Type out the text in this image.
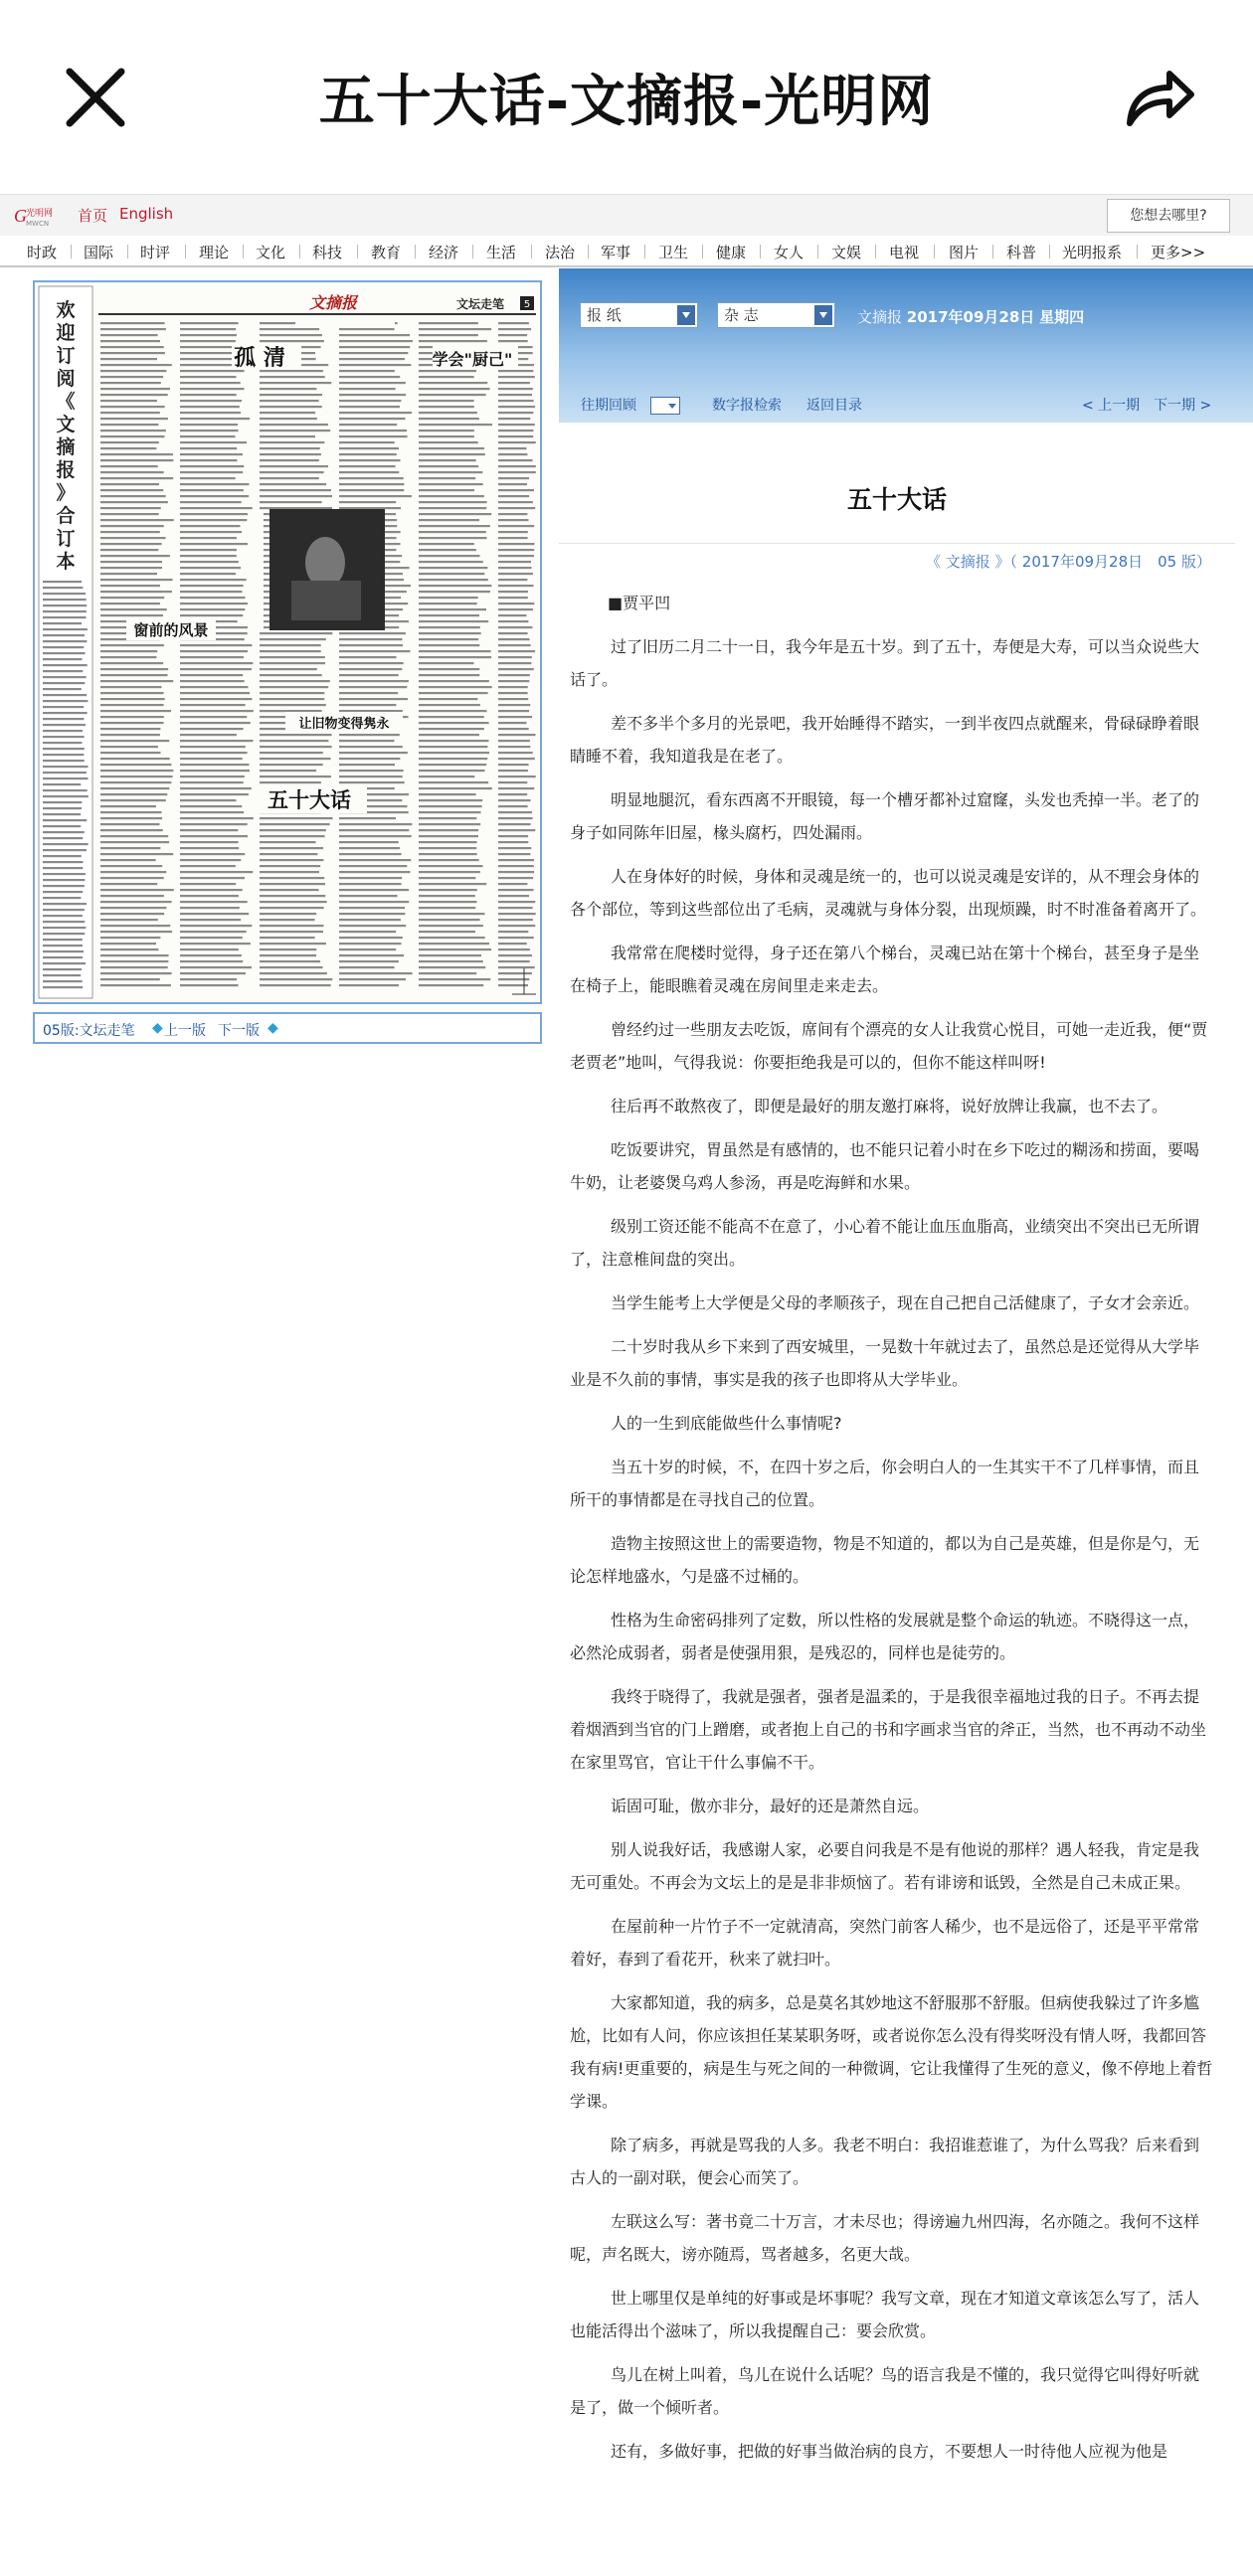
五十大话-文摘报-光明网
G 光明网
MWCN 首页 English	您想去哪里?
时政 国际 时评 理论 文化 科技 教育 经济 生活 法治 军事 卫生 健康 女人 文娱 电视 图片 科普 光明报系 更多>>
欢迎订阅《文摘报》合订本
文摘报	文坛走笔 5
孤 清	学会"厨己"
窗前的风景
让旧物变得隽永
五十大话
05版:文坛走笔 ◆ 上一版 下一版 ◆
报 纸	杂 志	文摘报 2017年09月28日 星期四
往期回顾	数字报检索 返回目录	< 上一期 下一期 >
五十大话
《 文摘报 》（ 2017年09月28日　05 版）
■贾平凹

过了旧历二月二十一日，我今年是五十岁。到了五十，寿便是大寿，可以当众说些大话了。

差不多半个多月的光景吧，我开始睡得不踏实，一到半夜四点就醒来，骨碌碌睁着眼睛睡不着，我知道我是在老了。

明显地腿沉，看东西离不开眼镜，每一个槽牙都补过窟窿，头发也秃掉一半。老了的身子如同陈年旧屋，椽头腐朽，四处漏雨。

人在身体好的时候，身体和灵魂是统一的，也可以说灵魂是安详的，从不理会身体的各个部位，等到这些部位出了毛病，灵魂就与身体分裂，出现烦躁，时不时准备着离开了。

我常常在爬楼时觉得，身子还在第八个梯台，灵魂已站在第十个梯台，甚至身子是坐在椅子上，能眼瞧着灵魂在房间里走来走去。

曾经约过一些朋友去吃饭，席间有个漂亮的女人让我赏心悦目，可她一走近我，便“贾老贾老”地叫，气得我说：你要拒绝我是可以的，但你不能这样叫呀!

往后再不敢熬夜了，即便是最好的朋友邀打麻将，说好放牌让我赢，也不去了。

吃饭要讲究，胃虽然是有感情的，也不能只记着小时在乡下吃过的糊汤和捞面，要喝牛奶，让老婆煲乌鸡人参汤，再是吃海鲜和水果。

级别工资还能不能高不在意了，小心着不能让血压血脂高，业绩突出不突出已无所谓了，注意椎间盘的突出。

当学生能考上大学便是父母的孝顺孩子，现在自己把自己活健康了，子女才会亲近。

二十岁时我从乡下来到了西安城里，一晃数十年就过去了，虽然总是还觉得从大学毕业是不久前的事情，事实是我的孩子也即将从大学毕业。

人的一生到底能做些什么事情呢?

当五十岁的时候，不，在四十岁之后，你会明白人的一生其实干不了几样事情，而且所干的事情都是在寻找自己的位置。

造物主按照这世上的需要造物，物是不知道的，都以为自己是英雄，但是你是勺，无论怎样地盛水，勺是盛不过桶的。

性格为生命密码排列了定数，所以性格的发展就是整个命运的轨迹。不晓得这一点，必然沦成弱者，弱者是使强用狠，是残忍的，同样也是徒劳的。

我终于晓得了，我就是强者，强者是温柔的，于是我很幸福地过我的日子。不再去提着烟酒到当官的门上蹭磨，或者抱上自己的书和字画求当官的斧正，当然，也不再动不动坐在家里骂官，官让干什么事偏不干。

诟固可耻，傲亦非分，最好的还是萧然自远。

别人说我好话，我感谢人家，必要自问我是不是有他说的那样？遇人轻我，肯定是我无可重处。不再会为文坛上的是是非非烦恼了。若有诽谤和诋毁，全然是自己未成正果。

在屋前种一片竹子不一定就清高，突然门前客人稀少，也不是远俗了，还是平平常常着好，春到了看花开，秋来了就扫叶。

大家都知道，我的病多，总是莫名其妙地这不舒服那不舒服。但病使我躲过了许多尴尬，比如有人问，你应该担任某某职务呀，或者说你怎么没有得奖呀没有情人呀，我都回答我有病!更重要的，病是生与死之间的一种微调，它让我懂得了生死的意义，像不停地上着哲学课。

除了病多，再就是骂我的人多。我老不明白：我招谁惹谁了，为什么骂我？后来看到古人的一副对联，便会心而笑了。

左联这么写：著书竟二十万言，才未尽也；得谤遍九州四海，名亦随之。我何不这样呢，声名既大，谤亦随焉，骂者越多，名更大哉。

世上哪里仅是单纯的好事或是坏事呢？我写文章，现在才知道文章该怎么写了，活人也能活得出个滋味了，所以我提醒自己：要会欣赏。

鸟儿在树上叫着，鸟儿在说什么话呢？鸟的语言我是不懂的，我只觉得它叫得好听就是了，做一个倾听者。

还有，多做好事，把做的好事当做治病的良方，不要想人一时待他人应视为他是
